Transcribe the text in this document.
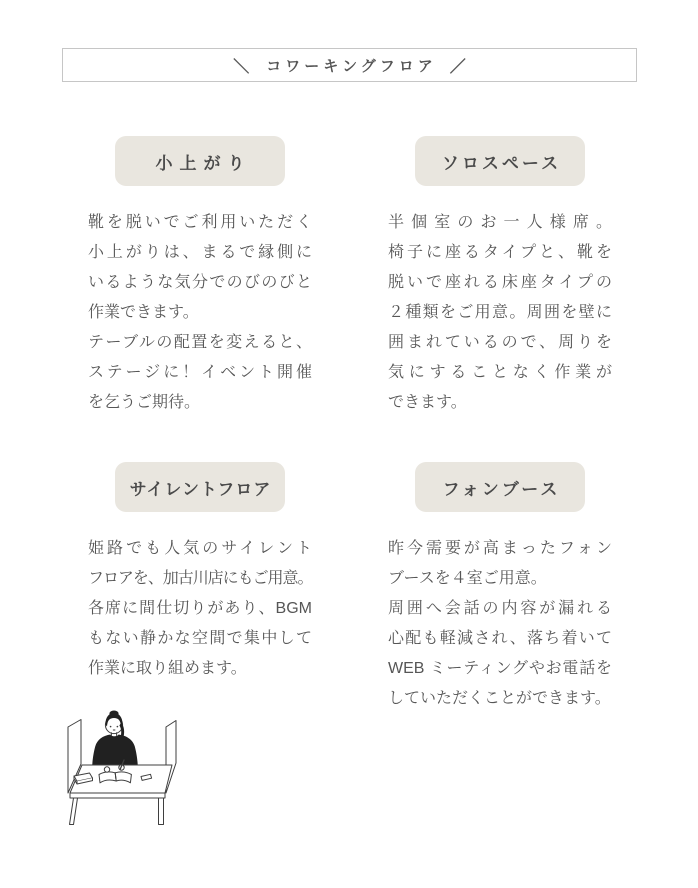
＼ コワーキングフロア ／
小上がり
靴を脱いでご利用いただく
小上がりは、まるで縁側に
いるような気分でのびのびと
作業できます。
テーブルの配置を変えると、
ステージに！イベント開催
を乞うご期待。
ソロスペース
半個室のお一人様席。
椅子に座るタイプと、靴を
脱いで座れる床座タイプの
２種類をご用意。周囲を壁に
囲まれているので、周りを
気にすることなく作業が
できます。
サイレントフロア
姫路でも人気のサイレント
フロアを、加古川店にもご用意。
各席に間仕切りがあり、BGM
もない静かな空間で集中して
作業に取り組めます。
フォンブース
昨今需要が高まったフォン
ブースを４室ご用意。
周囲へ会話の内容が漏れる
心配も軽減され、落ち着いて
WEB ミーティングやお電話を
していただくことができます。
